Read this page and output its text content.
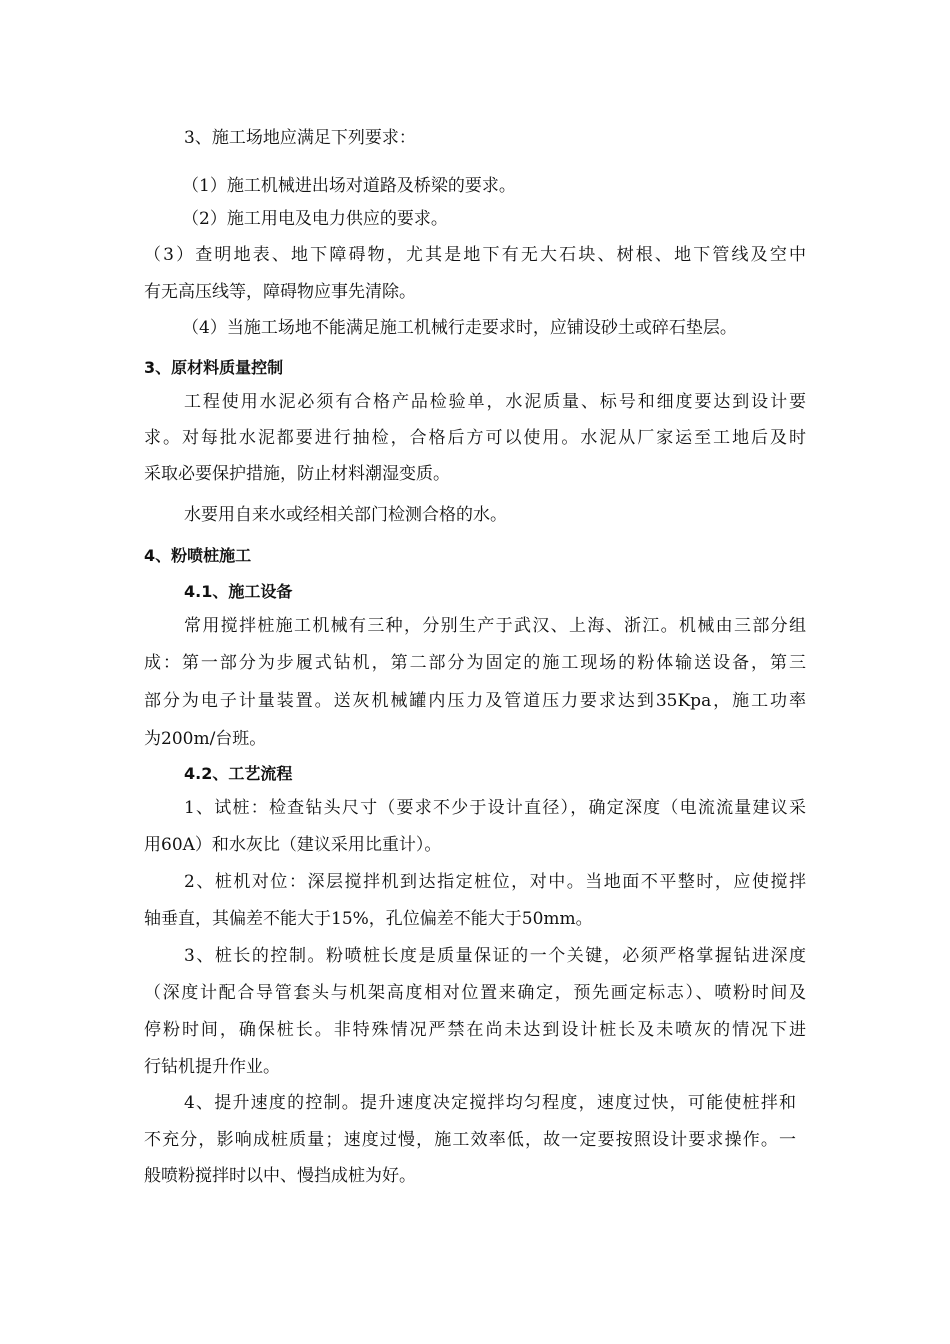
3、施工场地应满足下列要求：
（1）施工机械进出场对道路及桥梁的要求。
（2）施工用电及电力供应的要求。
（3）查明地表、地下障碍物，尤其是地下有无大石块、树根、地下管线及空中
有无高压线等，障碍物应事先清除。
（4）当施工场地不能满足施工机械行走要求时，应铺设砂土或碎石垫层。
3、原材料质量控制
工程使用水泥必须有合格产品检验单，水泥质量、标号和细度要达到设计要
求。对每批水泥都要进行抽检，合格后方可以使用。水泥从厂家运至工地后及时
采取必要保护措施，防止材料潮湿变质。
水要用自来水或经相关部门检测合格的水。
4、粉喷桩施工
4.1、施工设备
常用搅拌桩施工机械有三种，分别生产于武汉、上海、浙江。机械由三部分组
成：第一部分为步履式钻机，第二部分为固定的施工现场的粉体输送设备，第三
部分为电子计量装置。送灰机械罐内压力及管道压力要求达到35Kpa，施工功率
为200m/台班。
4.2、工艺流程
1、试桩：检查钻头尺寸（要求不少于设计直径），确定深度（电流流量建议采
用60A）和水灰比（建议采用比重计）。
2、桩机对位：深层搅拌机到达指定桩位，对中。当地面不平整时，应使搅拌
轴垂直，其偏差不能大于15%，孔位偏差不能大于50mm。
3、桩长的控制。粉喷桩长度是质量保证的一个关键，必须严格掌握钻进深度
（深度计配合导管套头与机架高度相对位置来确定，预先画定标志）、喷粉时间及
停粉时间，确保桩长。非特殊情况严禁在尚未达到设计桩长及未喷灰的情况下进
行钻机提升作业。
4、提升速度的控制。提升速度决定搅拌均匀程度，速度过快，可能使桩拌和
不充分，影响成桩质量；速度过慢，施工效率低，故一定要按照设计要求操作。一
般喷粉搅拌时以中、慢挡成桩为好。
